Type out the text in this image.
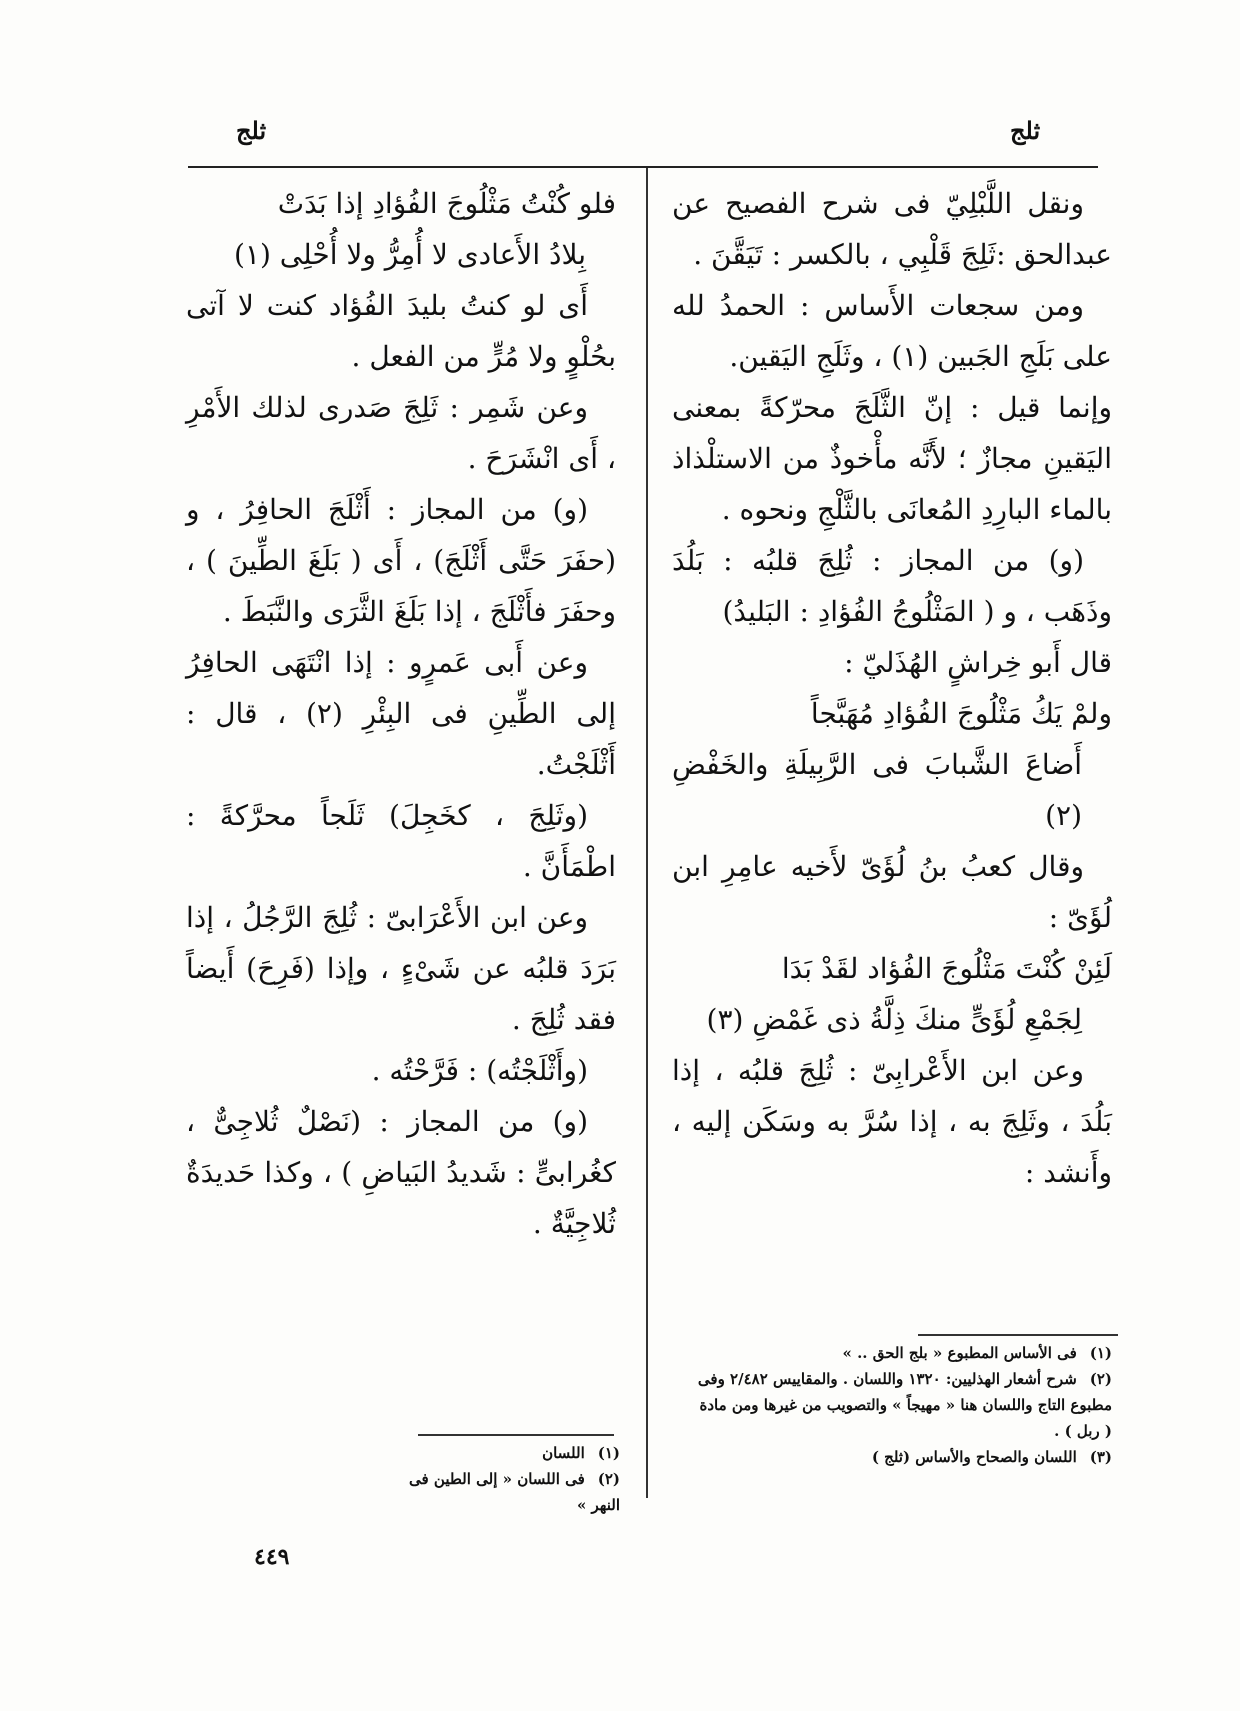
ثلج
ثلج

ونقل اللَّبْلِيّ فى شرح الفصيح عن عبدالحق :ثَلِجَ قَلْبِي ، بالكسر : تَيَقَّنَ .

ومن سجعات الأَساس : الحمدُ لله على بَلَجِ الجَبين (١) ، وثَلَجِ اليَقين.

وإنما قيل : إنّ الثَّلَجَ محرّكةً بمعنى اليَقينِ مجازٌ ؛ لأَنَّه مأْخوذٌ من الاستلْذاذ بالماء البارِدِ المُعانَى بالثَّلْجِ ونحوه .

(و) من المجاز : ثُلِجَ قلبُه : بَلُدَ وذَهَب ، و ( المَثْلُوجُ الفُؤادِ : البَليدُ)

قال أَبو خِراشٍ الهُذَليّ :

ولمْ يَكُ مَثْلُوجَ الفُؤادِ مُهَبَّجاً

أَضاعَ الشَّبابَ فى الرَّبِيلَةِ والخَفْضِ (٢)

وقال كعبُ بنُ لُؤَىّ لأَخيه عامِرِ ابن لُؤَىّ :

لَئِنْ كُنْتَ مَثْلُوجَ الفُؤاد لقَدْ بَدَا

لِجَمْعِ لُؤَىٍّ منكَ ذِلَّةُ ذى غَمْضِ (٣)

وعن ابن الأَعْرابِىّ : ثُلِجَ قلبُه ، إذا بَلُدَ ، وثَلِجَ به ، إذا سُرَّ به وسَكَن إليه ، وأَنشد :

فلو كُنْتُ مَثْلُوجَ الفُؤادِ إذا بَدَتْ

بِلادُ الأَعادى لا أُمِرُّ ولا أُحْلِى (١)

أَى لو كنتُ بليدَ الفُؤاد كنت لا آتى بحُلْوٍ ولا مُرٍّ من الفعل .

وعن شَمِر : ثَلِجَ صَدرى لذلك الأَمْرِ ، أَى انْشَرَحَ .

(و) من المجاز : أَثْلَجَ الحافِرُ ، و (حفَرَ حَتَّى أَثْلَجَ) ، أَى ( بَلَغَ الطِّينَ ) ، وحفَرَ فأَثْلَجَ ، إذا بَلَغَ الثَّرَى والنَّبَطَ .

وعن أَبى عَمرٍو : إذا انْتَهَى الحافِرُ إلى الطِّينِ فى البِئْرِ (٢) ، قال : أَثْلَجْتُ.

(وثَلِجَ ، كخَجِلَ) ثَلَجاً محرَّكةً : اطْمَأَنَّ .

وعن ابن الأَعْرَابىّ : ثُلِجَ الرَّجُلُ ، إذا بَرَدَ قلبُه عن شَىْءٍ ، وإذا (فَرِحَ) أَيضاً فقد ثُلِجَ .

(وأَثْلَجْتُه) : فَرَّحْتُه .

(و) من المجاز : (نَصْلٌ ثُلاجِىٌّ ، كغُرابىٍّ : شَديدُ البَياضِ ) ، وكذا حَديدَةٌ ثُلاجِيَّةٌ .

(١) فى الأساس المطبوع « بلج الحق .. »

(٢) شرح أشعار الهذليين: ١٣٢٠ واللسان . والمقاييس ٢/٤٨٢ وفى مطبوع التاج واللسان هنا « مهيجاً » والتصويب من غيرها ومن مادة ( ربل ) .

(٣) اللسان والصحاح والأساس (ثلج )

(١) اللسان

(٢) فى اللسان « إلى الطين فى النهر »

٤٤٩
